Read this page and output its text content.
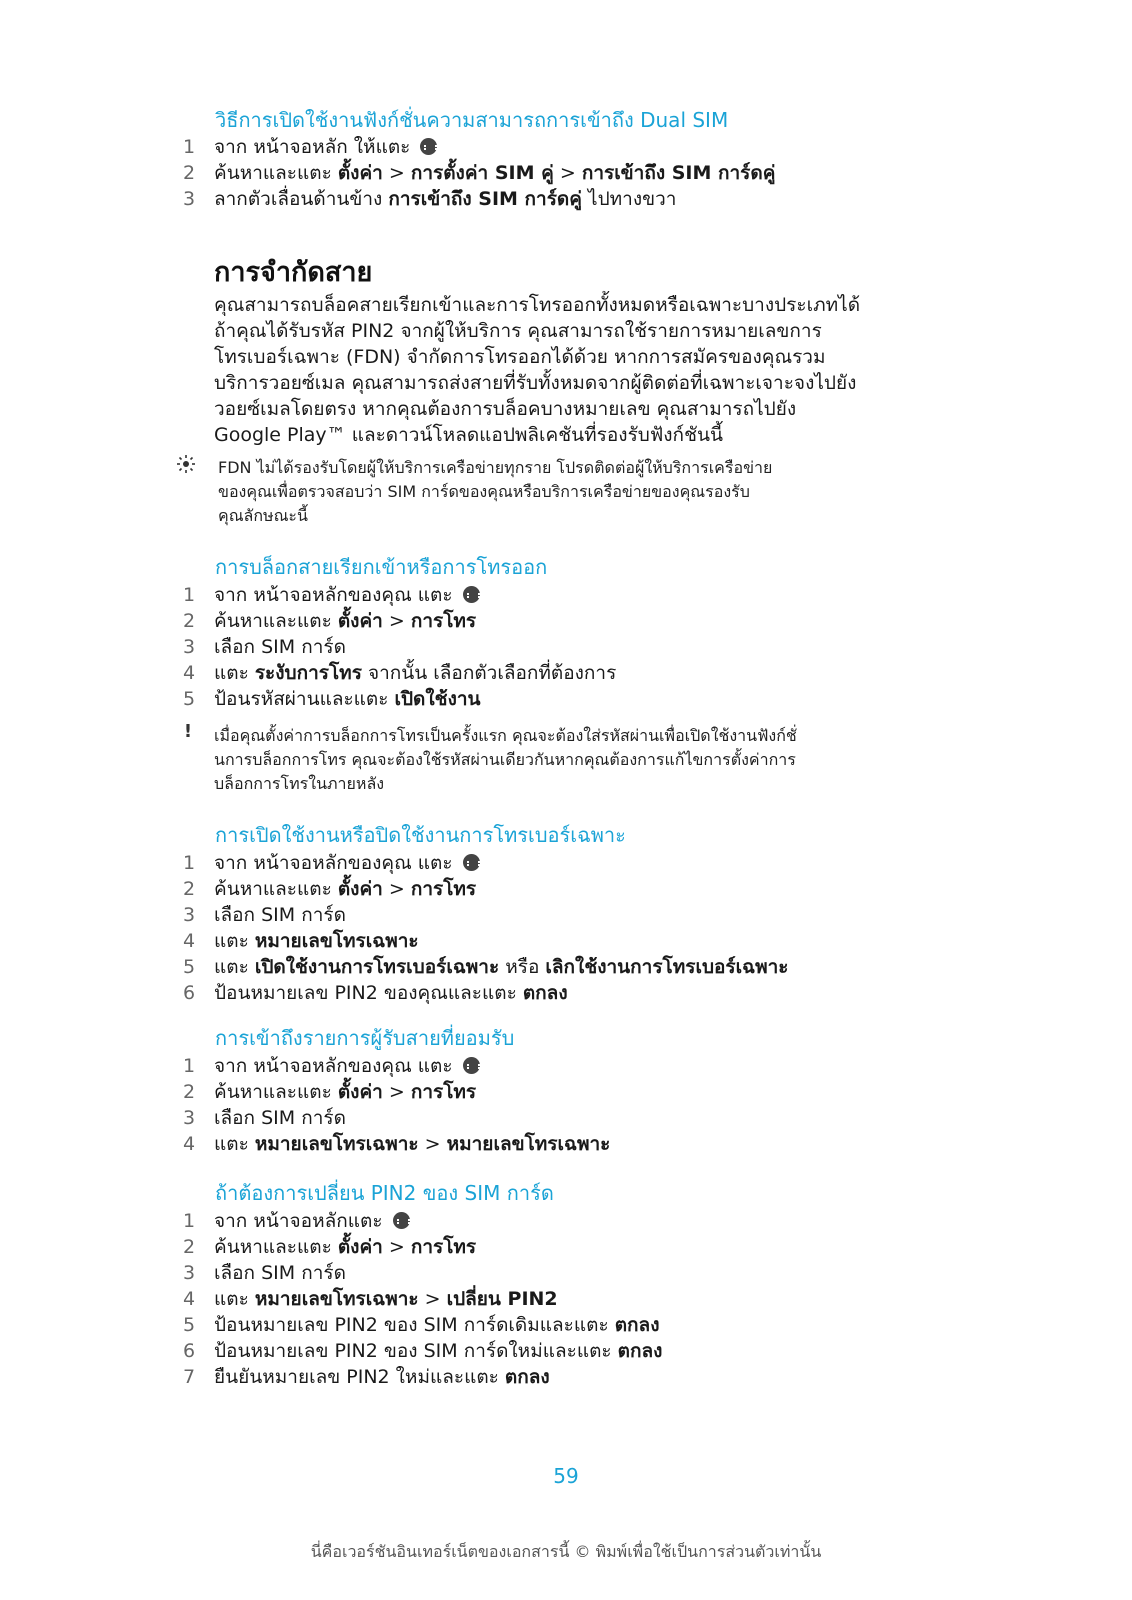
วิธีการเปิดใช้งานฟังก์ชั่นความสามารถการเข้าถึง Dual SIM

1 จาก หน้าจอหลัก ให้แตะ
2 ค้นหาและแตะ ตั้งค่า > การตั้งค่า SIM คู่ > การเข้าถึง SIM การ์ดคู่
3 ลากตัวเลื่อนด้านข้าง การเข้าถึง SIM การ์ดคู่ ไปทางขวา
การจำกัดสาย
คุณสามารถบล็อคสายเรียกเข้าและการโทรออกทั้งหมดหรือเฉพาะบางประเภทได้
ถ้าคุณได้รับรหัส PIN2 จากผู้ให้บริการ คุณสามารถใช้รายการหมายเลขการ
โทรเบอร์เฉพาะ (FDN) จำกัดการโทรออกได้ด้วย หากการสมัครของคุณรวม
บริการวอยซ์เมล คุณสามารถส่งสายที่รับทั้งหมดจากผู้ติดต่อที่เฉพาะเจาะจงไปยัง
วอยซ์เมลโดยตรง หากคุณต้องการบล็อคบางหมายเลข คุณสามารถไปยัง
Google Play™ และดาวน์โหลดแอปพลิเคชันที่รองรับฟังก์ชันนี้
FDN ไม่ได้รองรับโดยผู้ให้บริการเครือข่ายทุกราย โปรดติดต่อผู้ให้บริการเครือข่าย
ของคุณเพื่อตรวจสอบว่า SIM การ์ดของคุณหรือบริการเครือข่ายของคุณรองรับ
คุณลักษณะนี้

การบล็อกสายเรียกเข้าหรือการโทรออก

1 จาก หน้าจอหลักของคุณ แตะ
2 ค้นหาและแตะ ตั้งค่า > การโทร
3 เลือก SIM การ์ด
4 แตะ ระงับการโทร จากนั้น เลือกตัวเลือกที่ต้องการ
5 ป้อนรหัสผ่านและแตะ เปิดใช้งาน
!	เมื่อคุณตั้งค่าการบล็อกการโทรเป็นครั้งแรก คุณจะต้องใส่รหัสผ่านเพื่อเปิดใช้งานฟังก์ชั่
นการบล็อกการโทร คุณจะต้องใช้รหัสผ่านเดียวกันหากคุณต้องการแก้ไขการตั้งค่าการ
บล็อกการโทรในภายหลัง

การเปิดใช้งานหรือปิดใช้งานการโทรเบอร์เฉพาะ

1 จาก หน้าจอหลักของคุณ แตะ
2 ค้นหาและแตะ ตั้งค่า > การโทร
3 เลือก SIM การ์ด
4 แตะ หมายเลขโทรเฉพาะ
5 แตะ เปิดใช้งานการโทรเบอร์เฉพาะ หรือ เลิกใช้งานการโทรเบอร์เฉพาะ
6 ป้อนหมายเลข PIN2 ของคุณและแตะ ตกลง

การเข้าถึงรายการผู้รับสายที่ยอมรับ

1 จาก หน้าจอหลักของคุณ แตะ
2 ค้นหาและแตะ ตั้งค่า > การโทร
3 เลือก SIM การ์ด
4 แตะ หมายเลขโทรเฉพาะ > หมายเลขโทรเฉพาะ

ถ้าต้องการเปลี่ยน PIN2 ของ SIM การ์ด

1 จาก หน้าจอหลักแตะ
2 ค้นหาและแตะ ตั้งค่า > การโทร
3 เลือก SIM การ์ด
4 แตะ หมายเลขโทรเฉพาะ > เปลี่ยน PIN2
5 ป้อนหมายเลข PIN2 ของ SIM การ์ดเดิมและแตะ ตกลง
6 ป้อนหมายเลข PIN2 ของ SIM การ์ดใหม่และแตะ ตกลง
7 ยืนยันหมายเลข PIN2 ใหม่และแตะ ตกลง
59
นี่คือเวอร์ชันอินเทอร์เน็ตของเอกสารนี้ © พิมพ์เพื่อใช้เป็นการส่วนตัวเท่านั้น
